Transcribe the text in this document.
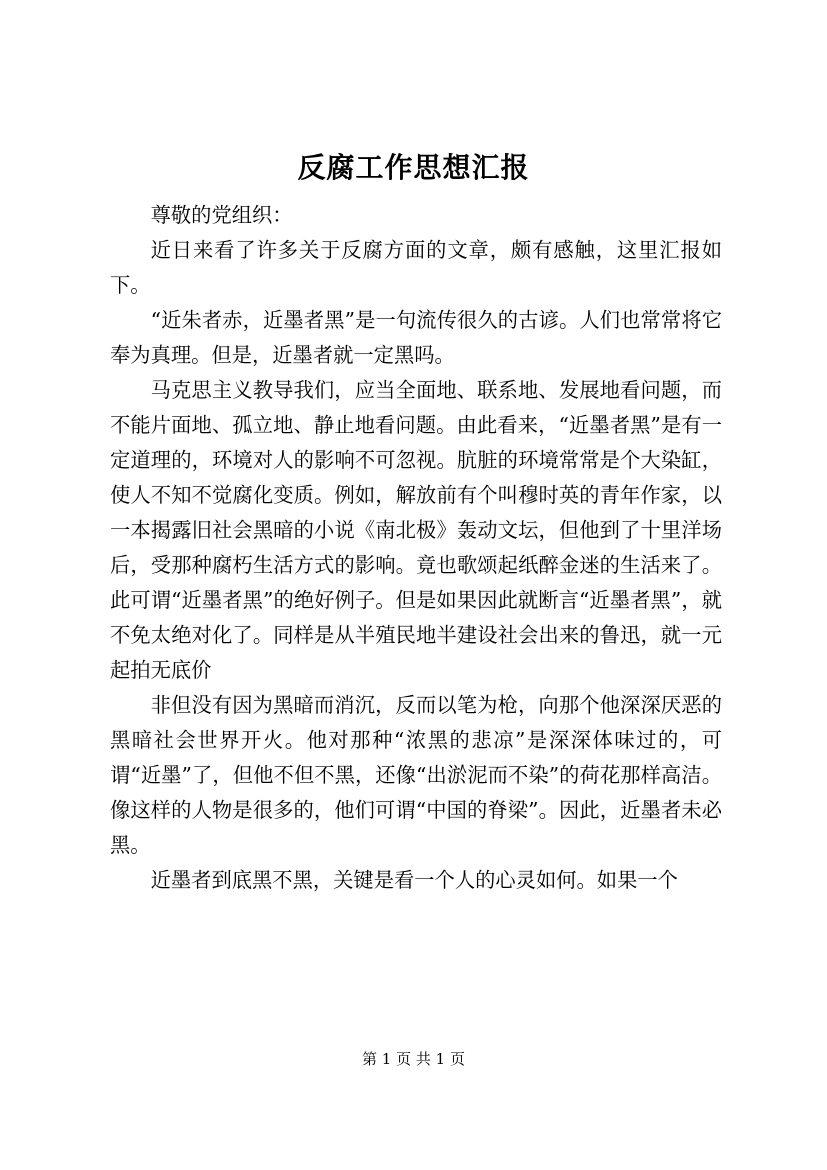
反腐工作思想汇报

尊敬的党组织：

近日来看了许多关于反腐方面的文章，颇有感触，这里汇报如下。

“近朱者赤，近墨者黑”是一句流传很久的古谚。人们也常常将它奉为真理。但是，近墨者就一定黑吗。

马克思主义教导我们，应当全面地、联系地、发展地看问题，而不能片面地、孤立地、静止地看问题。由此看来，“近墨者黑”是有一定道理的，环境对人的影响不可忽视。肮脏的环境常常是个大染缸，使人不知不觉腐化变质。例如，解放前有个叫穆时英的青年作家，以一本揭露旧社会黑暗的小说《南北极》轰动文坛，但他到了十里洋场后，受那种腐朽生活方式的影响。竟也歌颂起纸醉金迷的生活来了。此可谓“近墨者黑”的绝好例子。但是如果因此就断言“近墨者黑”，就不免太绝对化了。同样是从半殖民地半建设社会出来的鲁迅，就一元起拍无底价

非但没有因为黑暗而消沉，反而以笔为枪，向那个他深深厌恶的黑暗社会世界开火。他对那种“浓黑的悲凉”是深深体味过的，可谓“近墨”了，但他不但不黑，还像“出淤泥而不染”的荷花那样高洁。像这样的人物是很多的，他们可谓“中国的脊梁”。因此，近墨者未必黑。

近墨者到底黑不黑，关键是看一个人的心灵如何。如果一个

第 1 页 共 1 页
